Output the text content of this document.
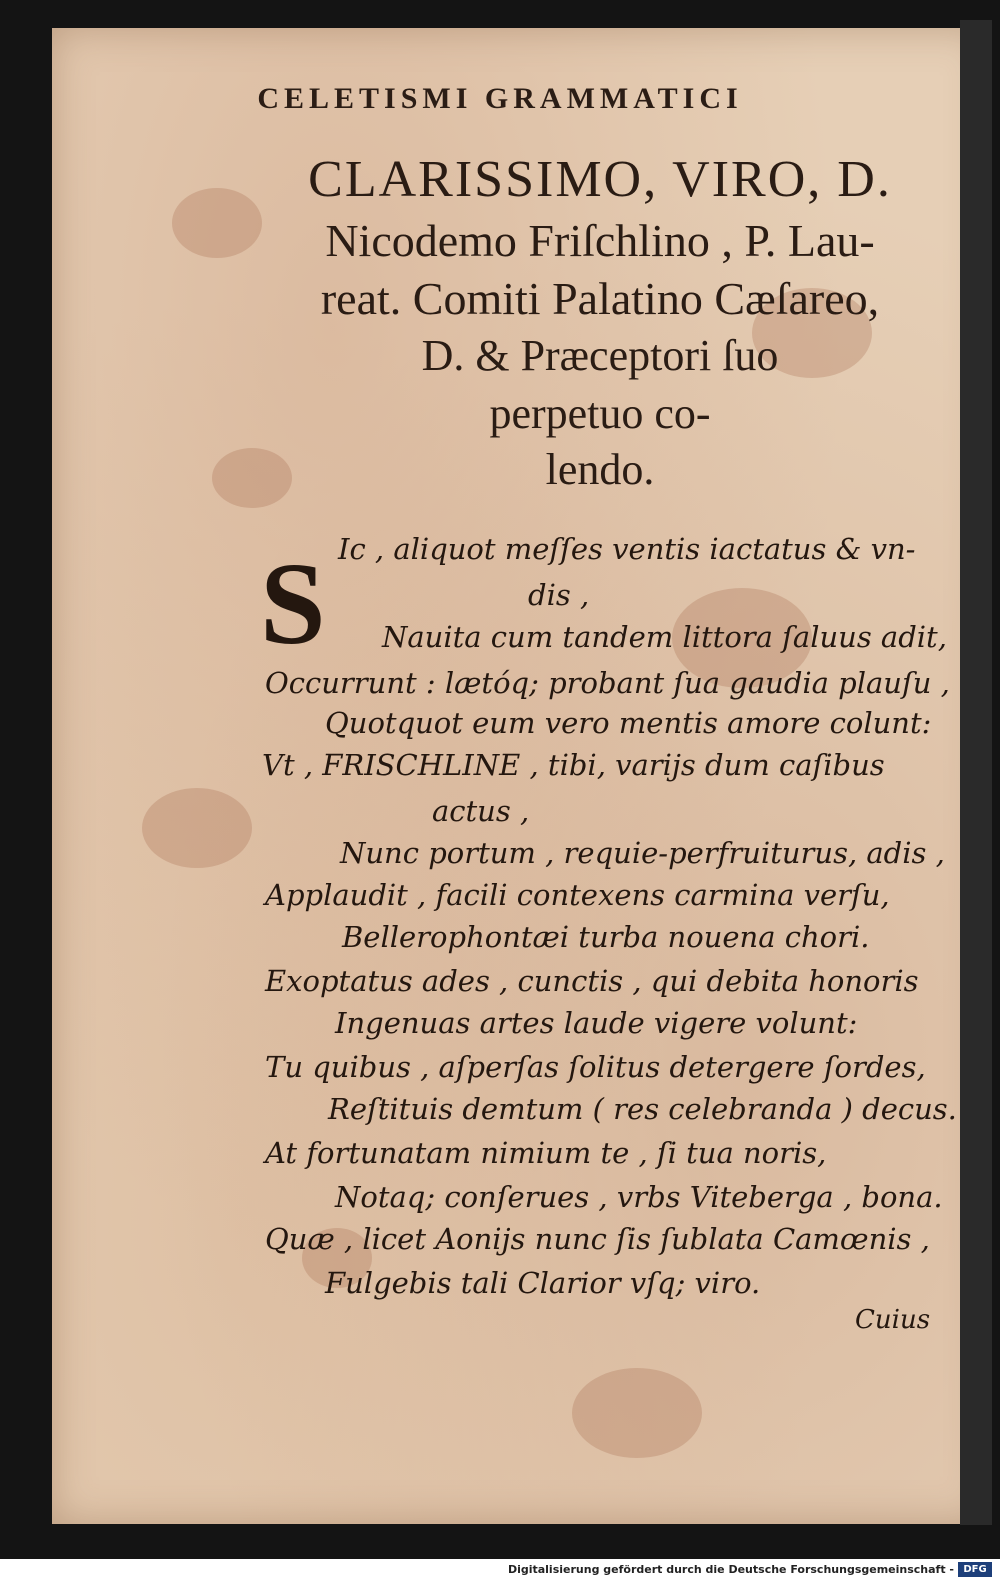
CELETISMI GRAMMATICI
CLARISSIMO, VIRO, D.
Nicodemo Friſchlino , P. Lau-
reat. Comiti Palatino Cæſareo,
D. & Præceptori ſuo
perpetuo co-
lendo.
S Ic , aliquot meſſes ventis iactatus & vn-
dis ,
Nauita cum tandem littora ſaluus adit,
Occurrunt : lætóq; probant ſua gaudia plauſu ,
Quotquot eum vero mentis amore colunt:
Vt , FRISCHLINE , tibi, varijs dum caſibus
actus ,
Nunc portum , requie-perfruiturus, adis ,
Applaudit , facili contexens carmina verſu,
Bellerophontæi turba nouena chori.
Exoptatus ades , cunctis , qui debita honoris
Ingenuas artes laude vigere volunt:
Tu quibus , aſperſas ſolitus detergere ſordes,
Reſtituis demtum ( res celebranda ) decus.
At fortunatam nimium te , ſi tua noris,
Notaq; conſerues , vrbs Viteberga , bona.
Quæ , licet Aonijs nunc ſis ſublata Camœnis ,
Fulgebis tali Clarior vſq; viro.
Cuius
Digitalisierung gefördert durch die Deutsche Forschungsgemeinschaft - DFG
